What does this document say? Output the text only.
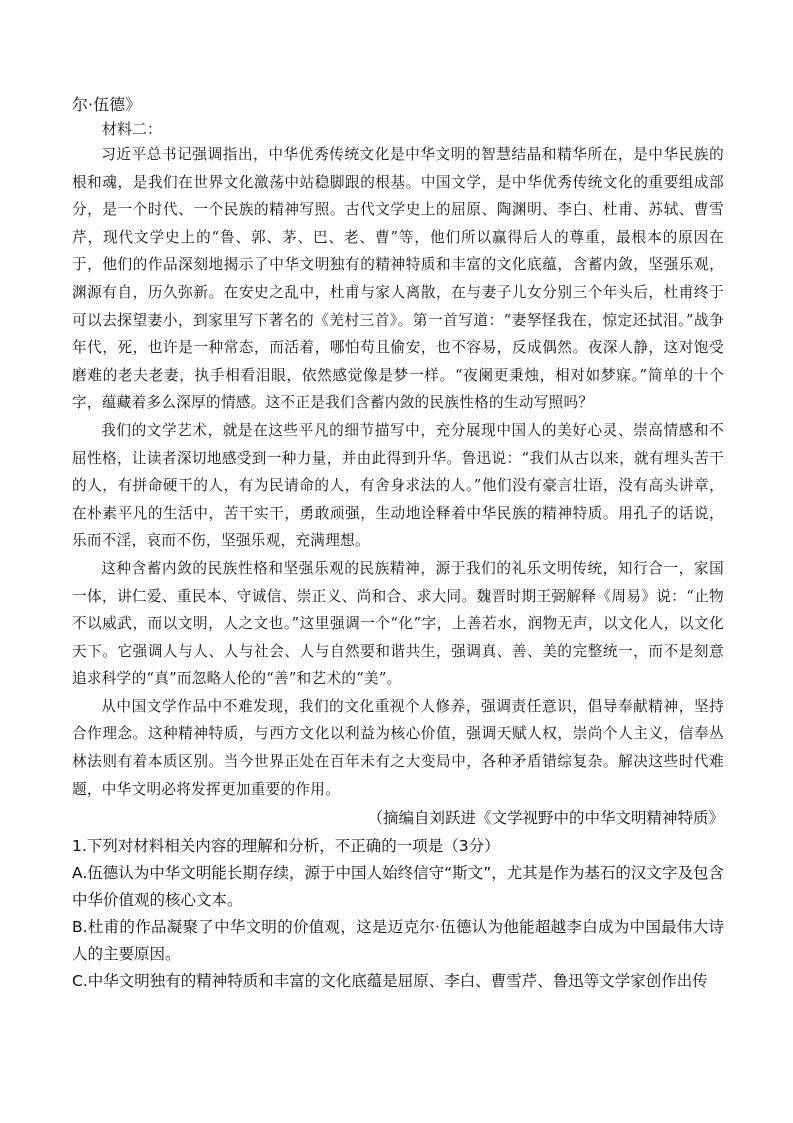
尔·伍德》

材料二：

习近平总书记强调指出，中华优秀传统文化是中华文明的智慧结晶和精华所在，是中华民族的根和魂，是我们在世界文化激荡中站稳脚跟的根基。中国文学，是中华优秀传统文化的重要组成部分，是一个时代、一个民族的精神写照。古代文学史上的屈原、陶渊明、李白、杜甫、苏轼、曹雪芹，现代文学史上的“鲁、郭、茅、巴、老、曹”等，他们所以赢得后人的尊重，最根本的原因在于，他们的作品深刻地揭示了中华文明独有的精神特质和丰富的文化底蕴，含蓄内敛，坚强乐观，渊源有自，历久弥新。在安史之乱中，杜甫与家人离散，在与妻子儿女分别三个年头后，杜甫终于可以去探望妻小，到家里写下著名的《羌村三首》。第一首写道：“妻孥怪我在，惊定还拭泪。”战争年代，死，也许是一种常态，而活着，哪怕苟且偷安，也不容易，反成偶然。夜深人静，这对饱受磨难的老夫老妻，执手相看泪眼，依然感觉像是梦一样。“夜阑更秉烛，相对如梦寐。”简单的十个字，蕴藏着多么深厚的情感。这不正是我们含蓄内敛的民族性格的生动写照吗？

我们的文学艺术，就是在这些平凡的细节描写中，充分展现中国人的美好心灵、崇高情感和不屈性格，让读者深切地感受到一种力量，并由此得到升华。鲁迅说：“我们从古以来，就有埋头苦干的人，有拼命硬干的人，有为民请命的人，有舍身求法的人。”他们没有豪言壮语，没有高头讲章，在朴素平凡的生活中，苦干实干，勇敢顽强，生动地诠释着中华民族的精神特质。用孔子的话说，乐而不淫，哀而不伤，坚强乐观，充满理想。

这种含蓄内敛的民族性格和坚强乐观的民族精神，源于我们的礼乐文明传统，知行合一，家国一体，讲仁爱、重民本、守诚信、崇正义、尚和合、求大同。魏晋时期王弼解释《周易》说：“止物不以威武，而以文明，人之文也。”这里强调一个“化”字，上善若水，润物无声，以文化人，以文化天下。它强调人与人、人与社会、人与自然要和谐共生，强调真、善、美的完整统一，而不是刻意追求科学的“真”而忽略人伦的“善”和艺术的“美”。

从中国文学作品中不难发现，我们的文化重视个人修养，强调责任意识，倡导奉献精神，坚持合作理念。这种精神特质，与西方文化以利益为核心价值，强调天赋人权，崇尚个人主义，信奉丛林法则有着本质区别。当今世界正处在百年未有之大变局中，各种矛盾错综复杂。解决这些时代难题，中华文明必将发挥更加重要的作用。

（摘编自刘跃进《文学视野中的中华文明精神特质》

1.下列对材料相关内容的理解和分析，不正确的一项是（3分）

A.伍德认为中华文明能长期存续，源于中国人始终信守“斯文”，尤其是作为基石的汉文字及包含中华价值观的核心文本。

B.杜甫的作品凝聚了中华文明的价值观，这是迈克尔·伍德认为他能超越李白成为中国最伟大诗人的主要原因。

C.中华文明独有的精神特质和丰富的文化底蕴是屈原、李白、曹雪芹、鲁迅等文学家创作出传
